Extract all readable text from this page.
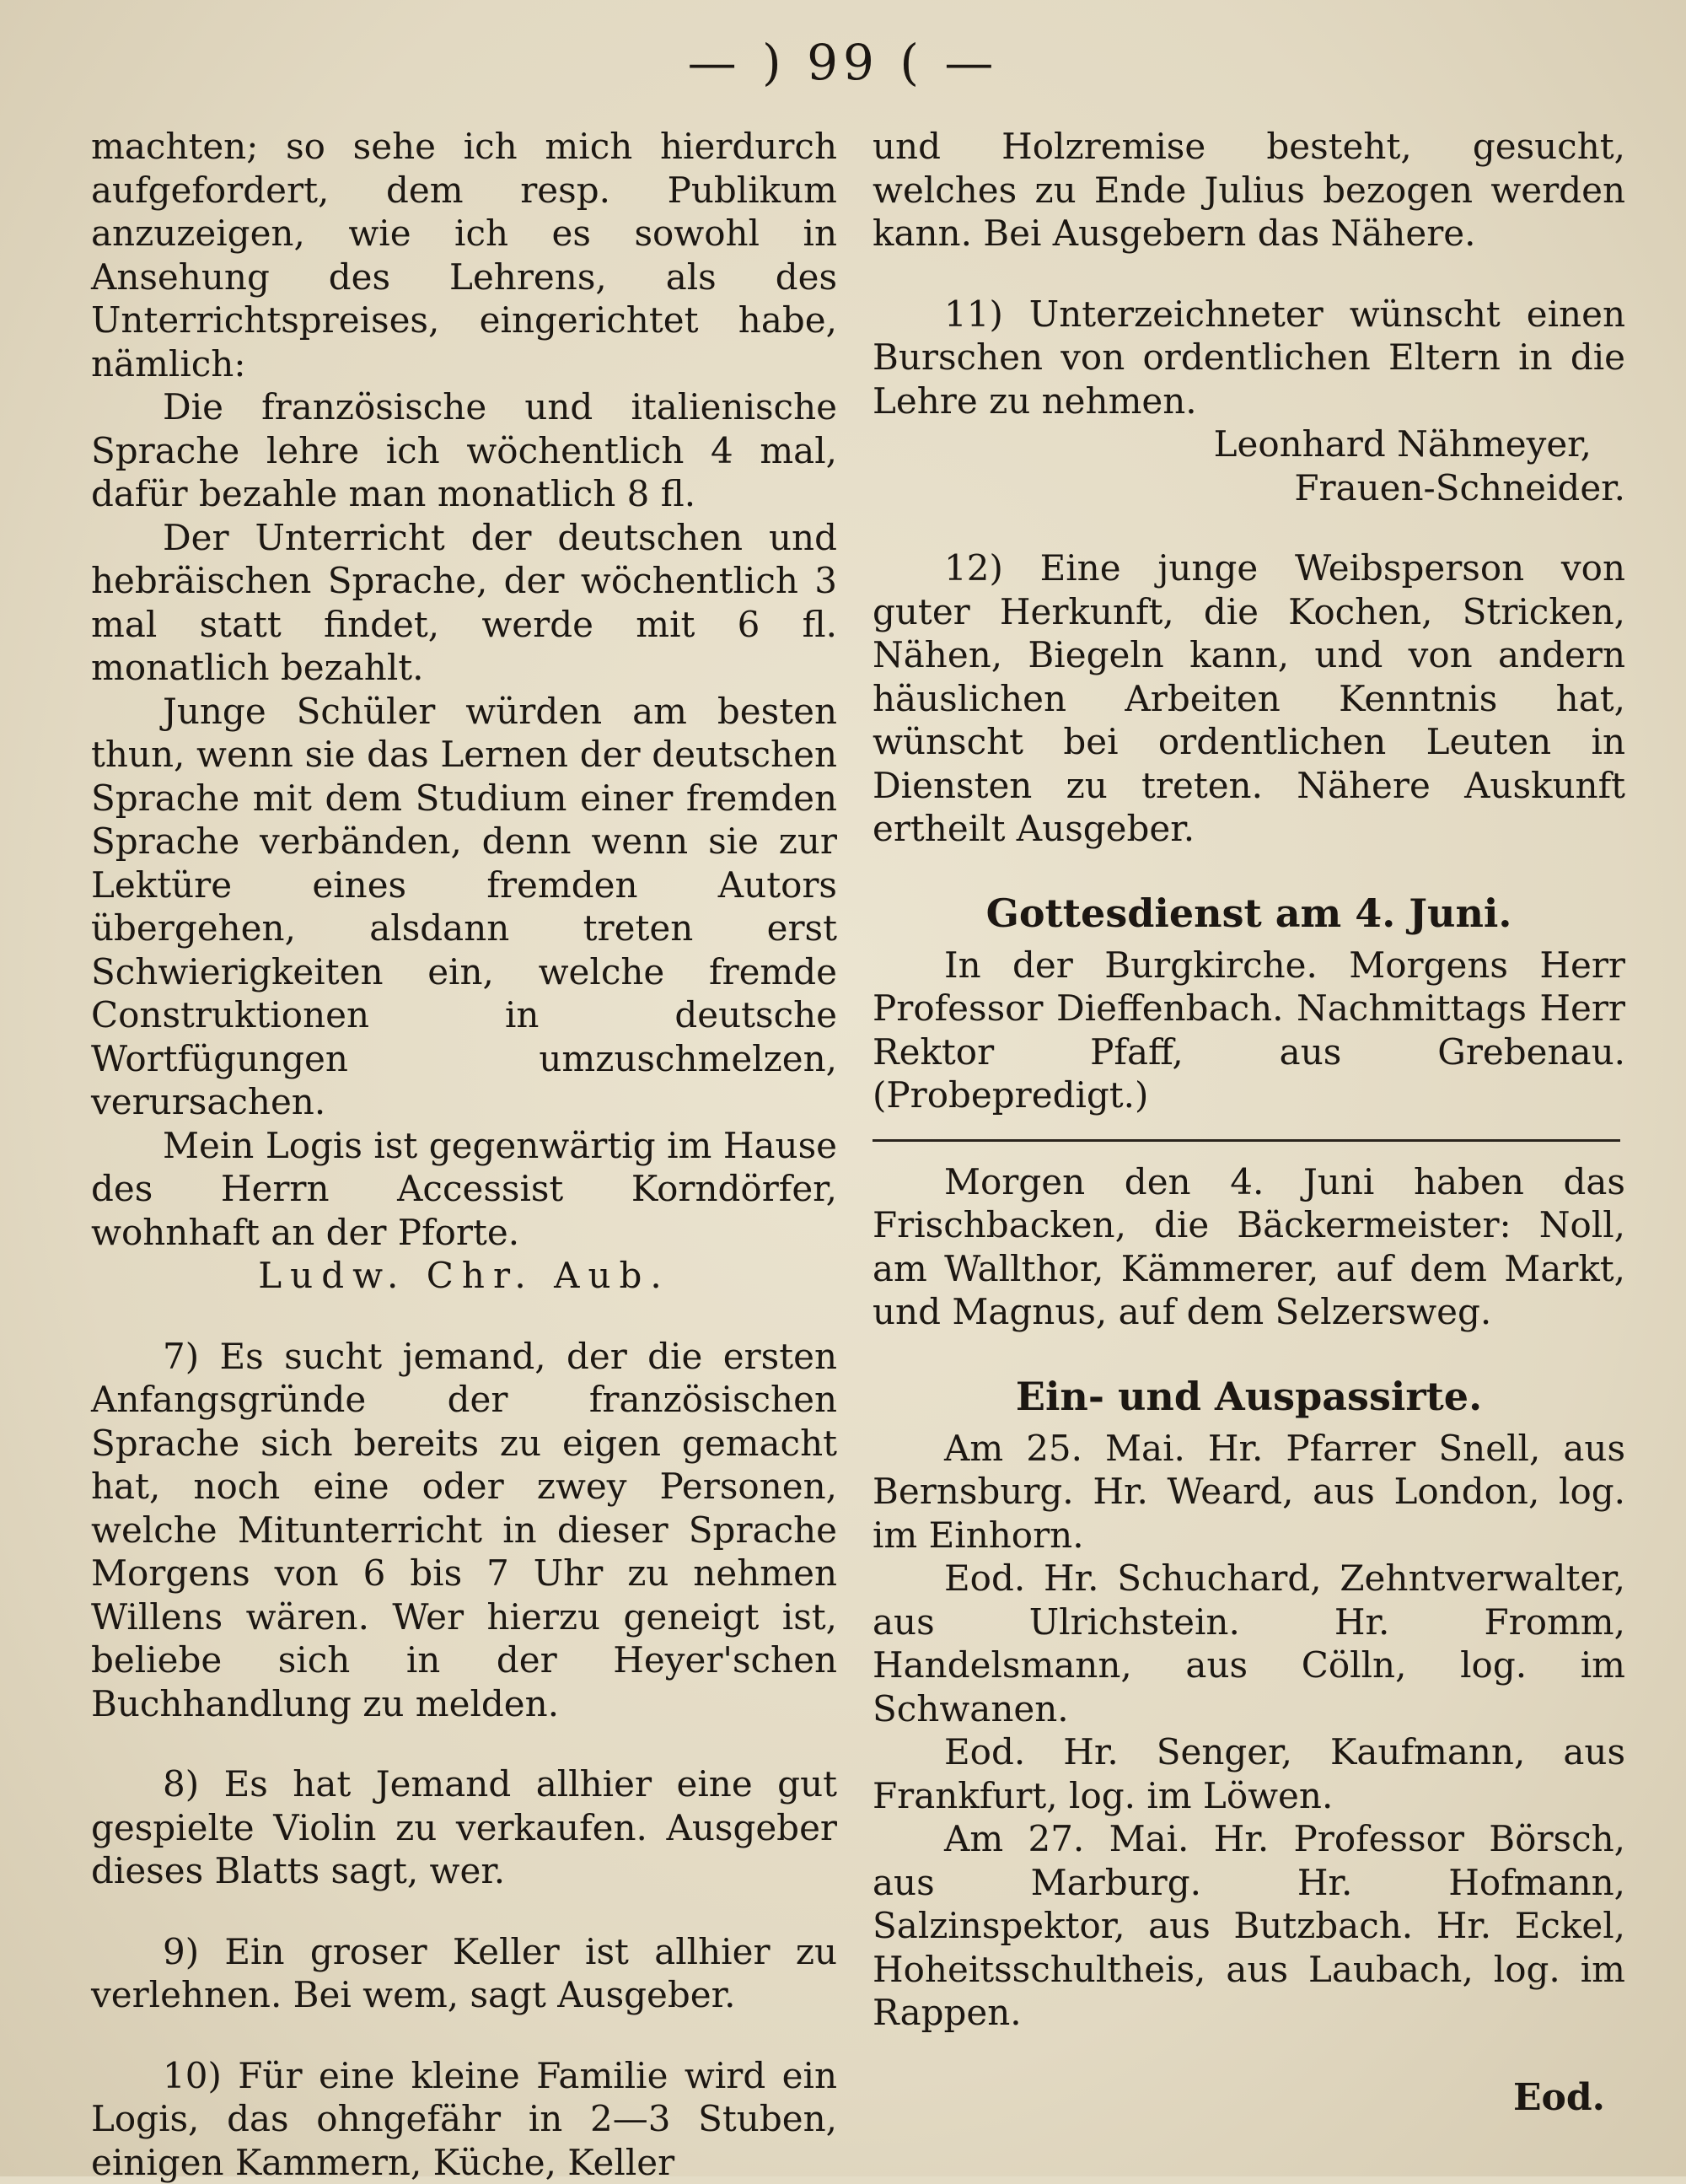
— ) 99 ( —

machten; so sehe ich mich hierdurch aufgefordert, dem resp. Publikum anzuzeigen, wie ich es sowohl in Ansehung des Lehrens, als des Unterrichtspreises, eingerichtet habe, nämlich:

Die französische und italienische Sprache lehre ich wöchentlich 4 mal, dafür bezahle man monatlich 8 fl.

Der Unterricht der deutschen und hebräischen Sprache, der wöchentlich 3 mal statt findet, werde mit 6 fl. monatlich bezahlt.

Junge Schüler würden am besten thun, wenn sie das Lernen der deutschen Sprache mit dem Studium einer fremden Sprache verbänden, denn wenn sie zur Lektüre eines fremden Autors übergehen, alsdann treten erst Schwierigkeiten ein, welche fremde Construktionen in deutsche Wortfügungen umzuschmelzen, verursachen.

Mein Logis ist gegenwärtig im Hause des Herrn Accessist Korndörfer, wohnhaft an der Pforte.

Ludw. Chr. Aub.

7) Es sucht jemand, der die ersten Anfangsgründe der französischen Sprache sich bereits zu eigen gemacht hat, noch eine oder zwey Personen, welche Mitunterricht in dieser Sprache Morgens von 6 bis 7 Uhr zu nehmen Willens wären. Wer hierzu geneigt ist, beliebe sich in der Heyer'schen Buchhandlung zu melden.

8) Es hat Jemand allhier eine gut gespielte Violin zu verkaufen. Ausgeber dieses Blatts sagt, wer.

9) Ein groser Keller ist allhier zu verlehnen. Bei wem, sagt Ausgeber.

10) Für eine kleine Familie wird ein Logis, das ohngefähr in 2—3 Stuben, einigen Kammern, Küche, Keller

und Holzremise besteht, gesucht, welches zu Ende Julius bezogen werden kann. Bei Ausgebern das Nähere.

11) Unterzeichneter wünscht einen Burschen von ordentlichen Eltern in die Lehre zu nehmen.

Leonhard Nähmeyer,

Frauen-Schneider.

12) Eine junge Weibsperson von guter Herkunft, die Kochen, Stricken, Nähen, Biegeln kann, und von andern häuslichen Arbeiten Kenntnis hat, wünscht bei ordentlichen Leuten in Diensten zu treten. Nähere Auskunft ertheilt Ausgeber.

Gottesdienst am 4. Juni.

In der Burgkirche. Morgens Herr Professor Dieffenbach. Nachmittags Herr Rektor Pfaff, aus Grebenau. (Probepredigt.)

Morgen den 4. Juni haben das Frischbacken, die Bäckermeister: Noll, am Wallthor, Kämmerer, auf dem Markt, und Magnus, auf dem Selzersweg.

Ein- und Auspassirte.

Am 25. Mai. Hr. Pfarrer Snell, aus Bernsburg. Hr. Weard, aus London, log. im Einhorn.

Eod. Hr. Schuchard, Zehntverwalter, aus Ulrichstein. Hr. Fromm, Handelsmann, aus Cölln, log. im Schwanen.

Eod. Hr. Senger, Kaufmann, aus Frankfurt, log. im Löwen.

Am 27. Mai. Hr. Professor Börsch, aus Marburg. Hr. Hofmann, Salzinspektor, aus Butzbach. Hr. Eckel, Hoheitsschultheis, aus Laubach, log. im Rappen.

Eod.
